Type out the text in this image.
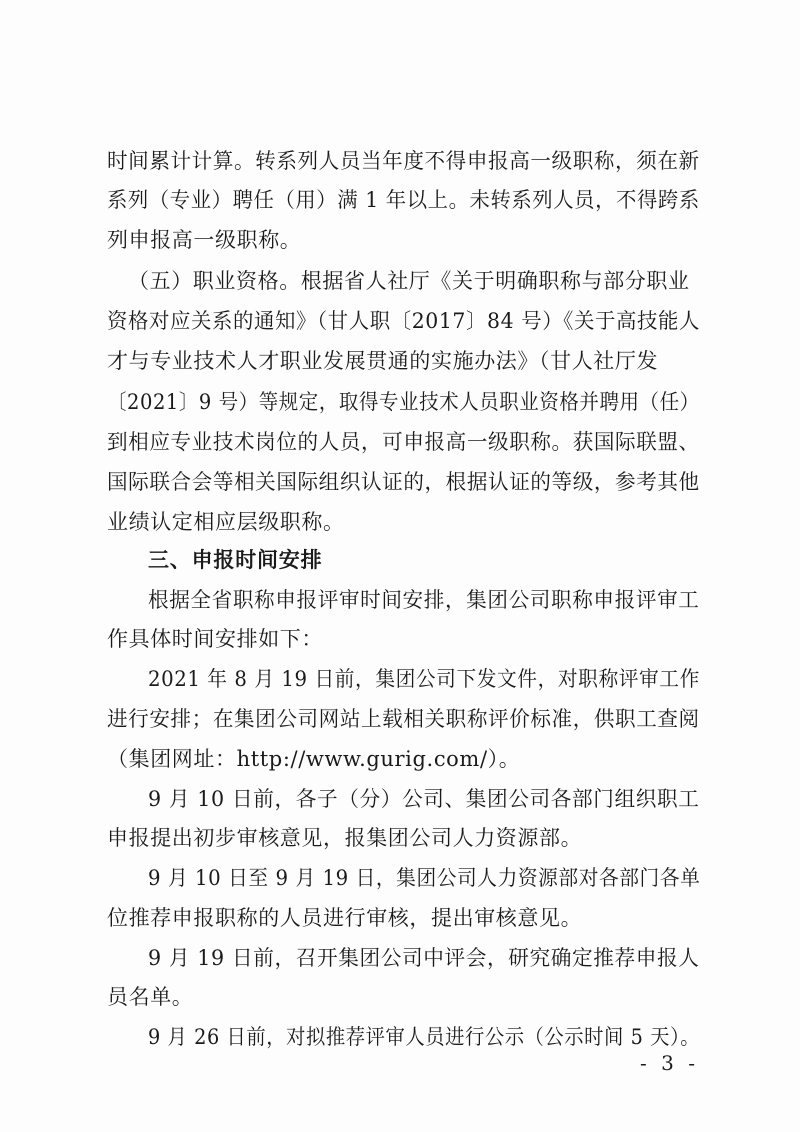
时间累计计算。转系列人员当年度不得申报高一级职称，须在新
系列（专业）聘任（用）满 1 年以上。未转系列人员，不得跨系
列申报高一级职称。
（五）职业资格。根据省人社厅《关于明确职称与部分职业
资格对应关系的通知》（甘人职〔2017〕84 号）《关于高技能人
才与专业技术人才职业发展贯通的实施办法》（甘人社厅发
〔2021〕9 号）等规定，取得专业技术人员职业资格并聘用（任）
到相应专业技术岗位的人员，可申报高一级职称。获国际联盟、
国际联合会等相关国际组织认证的，根据认证的等级，参考其他
业绩认定相应层级职称。
三、申报时间安排
根据全省职称申报评审时间安排，集团公司职称申报评审工
作具体时间安排如下：
2021 年 8 月 19 日前，集团公司下发文件，对职称评审工作
进行安排；在集团公司网站上载相关职称评价标准，供职工查阅
（集团网址：http://www.gurig.com/）。
9 月 10 日前，各子（分）公司、集团公司各部门组织职工
申报提出初步审核意见，报集团公司人力资源部。
9 月 10 日至 9 月 19 日，集团公司人力资源部对各部门各单
位推荐申报职称的人员进行审核，提出审核意见。
9 月 19 日前，召开集团公司中评会，研究确定推荐申报人
员名单。
9 月 26 日前，对拟推荐评审人员进行公示（公示时间 5 天）。
- 3 -
